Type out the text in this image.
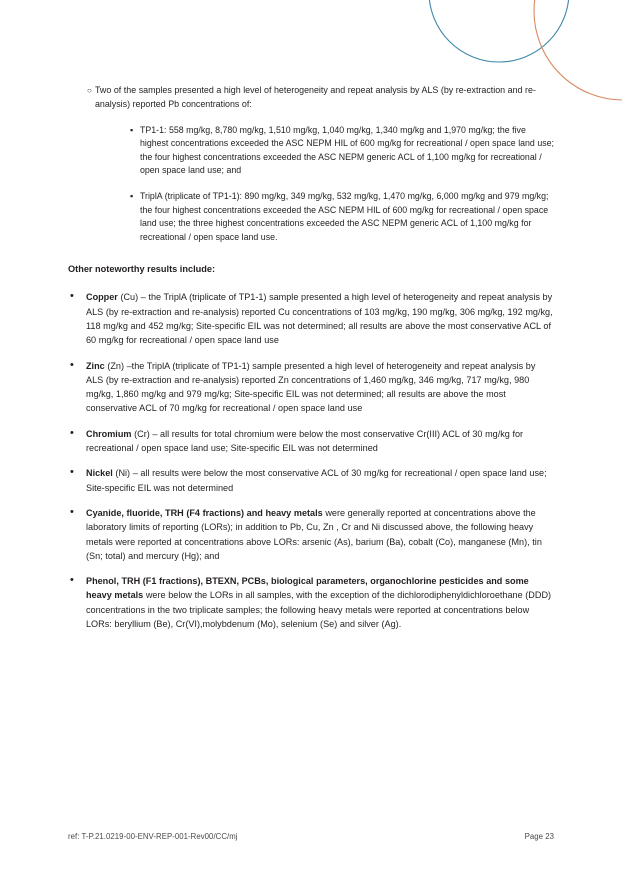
○ Two of the samples presented a high level of heterogeneity and repeat analysis by ALS (by re-extraction and re-analysis) reported Pb concentrations of:
▪ TP1-1: 558 mg/kg, 8,780 mg/kg, 1,510 mg/kg, 1,040 mg/kg, 1,340 mg/kg and 1,970 mg/kg; the five highest concentrations exceeded the ASC NEPM HIL of 600 mg/kg for recreational / open space land use; the four highest concentrations exceeded the ASC NEPM generic ACL of 1,100 mg/kg for recreational / open space land use; and
▪ TriplA (triplicate of TP1-1): 890 mg/kg, 349 mg/kg, 532 mg/kg, 1,470 mg/kg, 6,000 mg/kg and 979 mg/kg; the four highest concentrations exceeded the ASC NEPM HIL of 600 mg/kg for recreational / open space land use; the three highest concentrations exceeded the ASC NEPM generic ACL of 1,100 mg/kg for recreational / open space land use.
Other noteworthy results include:
• Copper (Cu) – the TriplA (triplicate of TP1-1) sample presented a high level of heterogeneity and repeat analysis by ALS (by re-extraction and re-analysis) reported Cu concentrations of 103 mg/kg, 190 mg/kg, 306 mg/kg, 192 mg/kg, 118 mg/kg and 452 mg/kg; Site-specific EIL was not determined; all results are above the most conservative ACL of 60 mg/kg for recreational / open space land use
• Zinc (Zn) –the TriplA (triplicate of TP1-1) sample presented a high level of heterogeneity and repeat analysis by ALS (by re-extraction and re-analysis) reported Zn concentrations of 1,460 mg/kg, 346 mg/kg, 717 mg/kg, 980 mg/kg, 1,860 mg/kg and 979 mg/kg; Site-specific EIL was not determined; all results are above the most conservative ACL of 70 mg/kg for recreational / open space land use
• Chromium (Cr) – all results for total chromium were below the most conservative Cr(III) ACL of 30 mg/kg for recreational / open space land use; Site-specific EIL was not determined
• Nickel (Ni) – all results were below the most conservative ACL of 30 mg/kg for recreational / open space land use; Site-specific EIL was not determined
• Cyanide, fluoride, TRH (F4 fractions) and heavy metals were generally reported at concentrations above the laboratory limits of reporting (LORs); in addition to Pb, Cu, Zn , Cr and Ni discussed above, the following heavy metals were reported at concentrations above LORs: arsenic (As), barium (Ba), cobalt (Co), manganese (Mn), tin (Sn; total) and mercury (Hg); and
• Phenol, TRH (F1 fractions), BTEXN, PCBs, biological parameters, organochlorine pesticides and some heavy metals were below the LORs in all samples, with the exception of the dichlorodiphenyldichloroethane (DDD) concentrations in the two triplicate samples; the following heavy metals were reported at concentrations below LORs: beryllium (Be), Cr(VI),molybdenum (Mo), selenium (Se) and silver (Ag).
ref: T-P.21.0219-00-ENV-REP-001-Rev00/CC/mj	Page 23
